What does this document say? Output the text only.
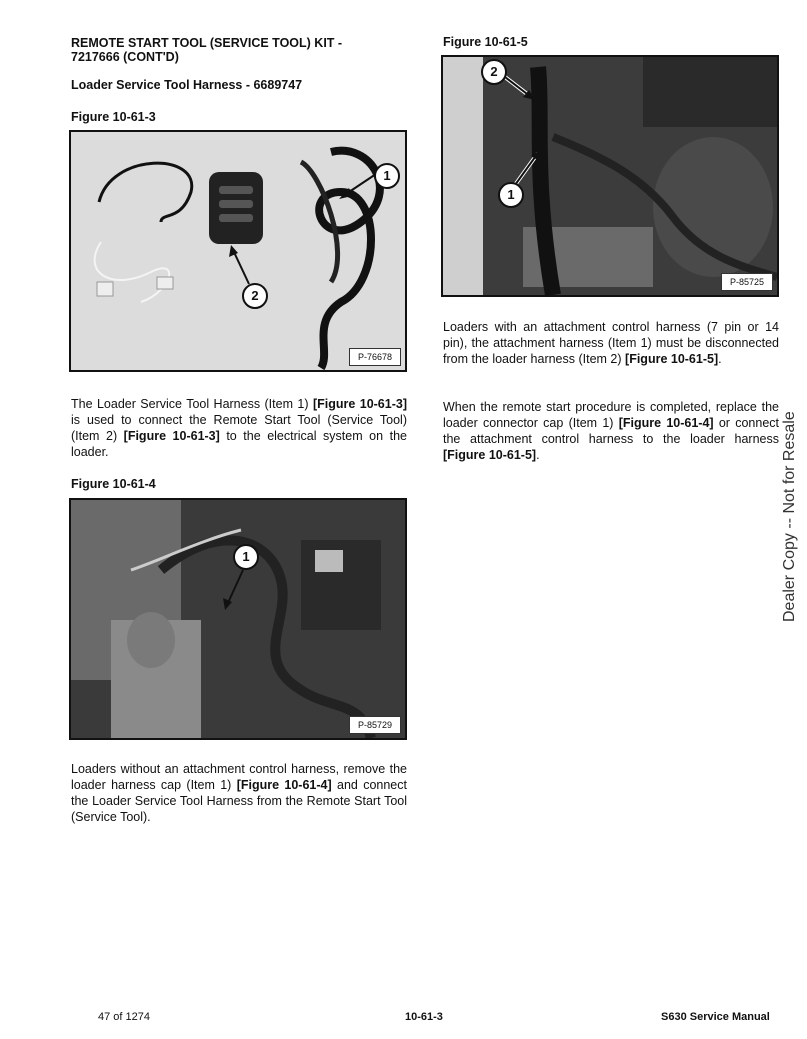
REMOTE START TOOL (SERVICE TOOL) KIT - 7217666 (CONT'D)
Loader Service Tool Harness - 6689747
Figure 10-61-3
1
2
P-76678
The Loader Service Tool Harness (Item 1) [Figure 10-61-3] is used to connect the Remote Start Tool (Service Tool) (Item 2) [Figure 10-61-3] to the electrical system on the loader.
Figure 10-61-4
1
P-85729
Loaders without an attachment control harness, remove the loader harness cap (Item 1) [Figure 10-61-4] and connect the Loader Service Tool Harness from the Remote Start Tool (Service Tool).
Figure 10-61-5
2
1
P-85725
Loaders with an attachment control harness (7 pin or 14 pin), the attachment harness (Item 1) must be disconnected from the loader harness (Item 2) [Figure 10-61-5].
When the remote start procedure is completed, replace the loader connector cap (Item 1) [Figure 10-61-4] or connect the attachment control harness to the loader harness [Figure 10-61-5].	Dealer Copy -- Not for Resale
47 of 1274	10-61-3	S630 Service Manual
